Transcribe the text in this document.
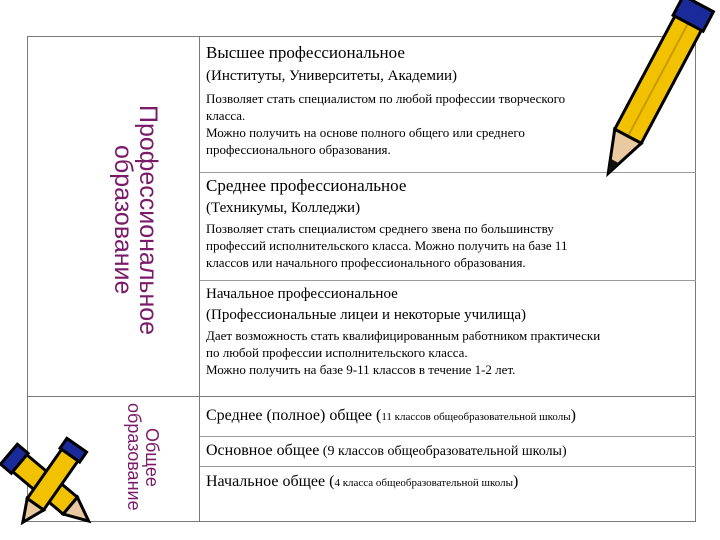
Профессиональное образование
Общее образование
Высшее профессиональное
(Институты, Университеты, Академии)
Позволяет стать специалистом по любой профессии творческого
класса.
Можно получить на основе полного общего или среднего
профессионального образования.
Среднее профессиональное
(Техникумы, Колледжи)
Позволяет стать специалистом среднего звена по большинству
профессий исполнительского класса. Можно получить на базе 11
классов или начального профессионального образования.
Начальное профессиональное
(Профессиональные лицеи и некоторые училища)
Дает возможность стать квалифицированным работником практически
по любой профессии исполнительского класса.
Можно получить на базе 9-11 классов в течение 1-2 лет.
Среднее (полное) общее (11 классов общеобразовательной школы)
Основное общее (9 классов общеобразовательной школы)
Начальное общее (4 класса общеобразовательной школы)
